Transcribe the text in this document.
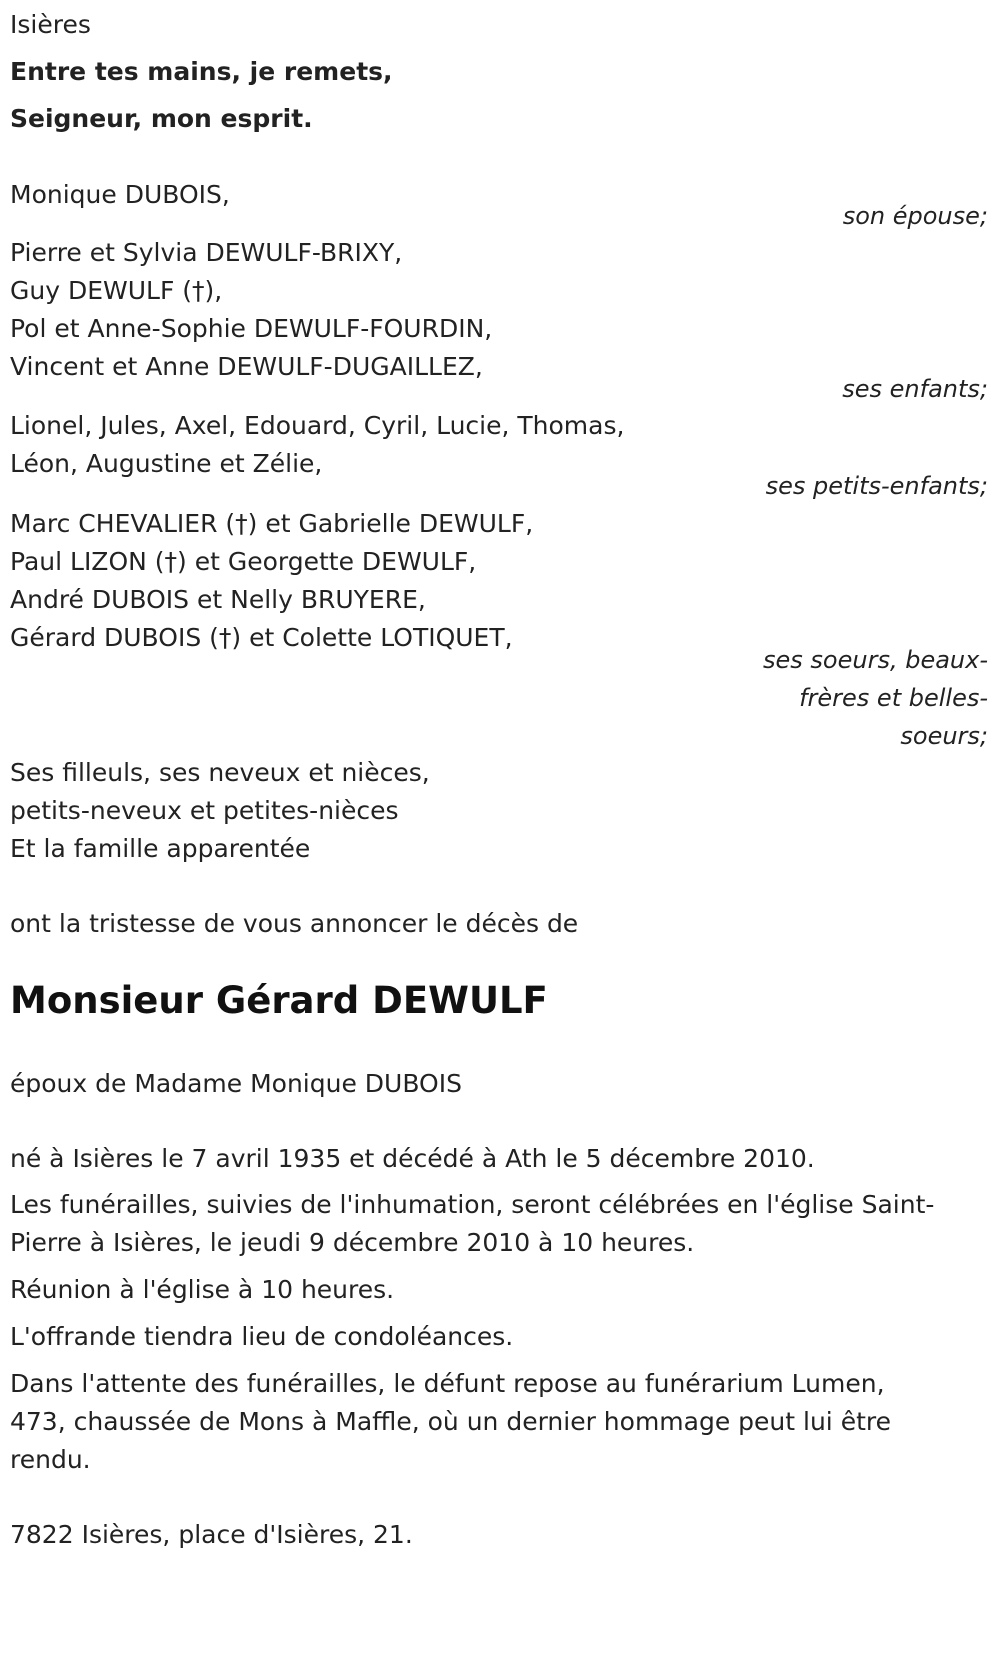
Isières
Entre tes mains, je remets,
Seigneur, mon esprit.
Monique DUBOIS,
son épouse;
Pierre et Sylvia DEWULF-BRIXY,
Guy DEWULF (†),
Pol et Anne-Sophie DEWULF-FOURDIN,
Vincent et Anne DEWULF-DUGAILLEZ,
ses enfants;
Lionel, Jules, Axel, Edouard, Cyril, Lucie, Thomas,
Léon, Augustine et Zélie,
ses petits-enfants;
Marc CHEVALIER (†) et Gabrielle DEWULF,
Paul LIZON (†) et Georgette DEWULF,
André DUBOIS et Nelly BRUYERE,
Gérard DUBOIS (†) et Colette LOTIQUET,
ses soeurs, beaux-
frères et belles-
soeurs;
Ses filleuls, ses neveux et nièces,
petits-neveux et petites-nièces
Et la famille apparentée
ont la tristesse de vous annoncer le décès de
Monsieur Gérard DEWULF
époux de Madame Monique DUBOIS
né à Isières le 7 avril 1935 et décédé à Ath le 5 décembre 2010.
Les funérailles, suivies de l'inhumation, seront célébrées en l'église Saint-
Pierre à Isières, le jeudi 9 décembre 2010 à 10 heures.
Réunion à l'église à 10 heures.
L'offrande tiendra lieu de condoléances.
Dans l'attente des funérailles, le défunt repose au funérarium Lumen,
473, chaussée de Mons à Maffle, où un dernier hommage peut lui être
rendu.
7822 Isières, place d'Isières, 21.
